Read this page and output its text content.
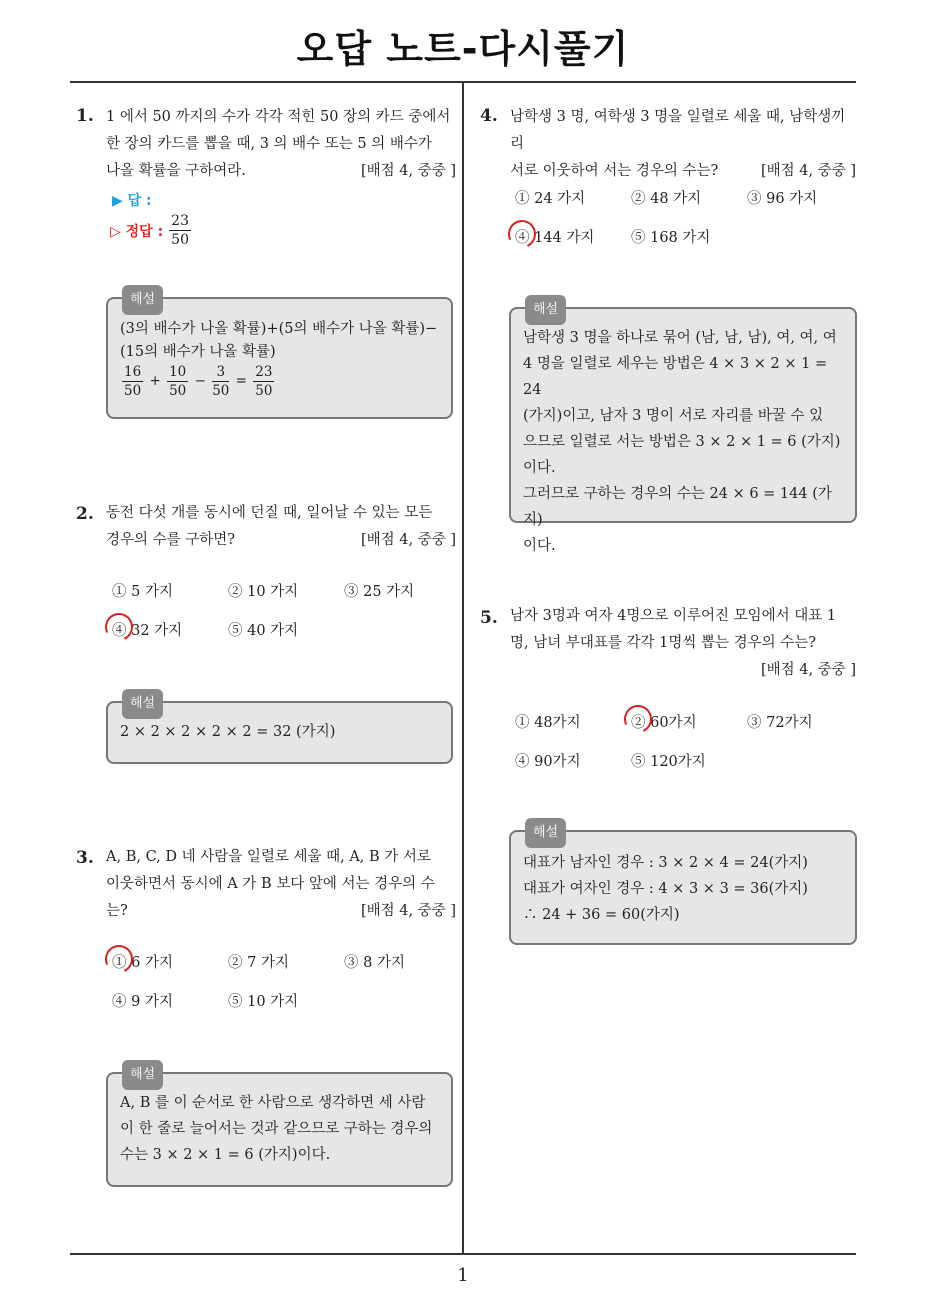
오답 노트-다시풀기
1
1. 1 에서 50 까지의 수가 각각 적힌 50 장의 카드 중에서
한 장의 카드를 뽑을 때, 3 의 배수 또는 5 의 배수가
나올 확률을 구하여라.	[배점 4, 중중 ]
▶ 답 :
▷ 정답 : $\frac{23}{50}$
해설
(3의 배수가 나올 확률)+(5의 배수가 나올 확률)−
(15의 배수가 나올 확률)
$\frac{16}{50} + \frac{10}{50} - \frac{3}{50} = \frac{23}{50}$
2. 동전 다섯 개를 동시에 던질 때, 일어날 수 있는 모든
경우의 수를 구하면?	[배점 4, 중중 ]
① 5 가지	② 10 가지	③ 25 가지
④ 32 가지	⑤ 40 가지
해설
2 × 2 × 2 × 2 × 2 = 32 (가지)
3. A, B, C, D 네 사람을 일렬로 세울 때, A, B 가 서로
이웃하면서 동시에 A 가 B 보다 앞에 서는 경우의 수
는?	[배점 4, 중중 ]
① 6 가지	② 7 가지	③ 8 가지
④ 9 가지	⑤ 10 가지
해설
A, B 를 이 순서로 한 사람으로 생각하면 세 사람
이 한 줄로 늘어서는 것과 같으므로 구하는 경우의
수는 3 × 2 × 1 = 6 (가지)이다.
4. 남학생 3 명, 여학생 3 명을 일렬로 세울 때, 남학생끼리
서로 이웃하여 서는 경우의 수는?	[배점 4, 중중 ]
① 24 가지	② 48 가지	③ 96 가지
④ 144 가지	⑤ 168 가지
해설
남학생 3 명을 하나로 묶어 (남, 남, 남), 여, 여, 여
4 명을 일렬로 세우는 방법은 4 × 3 × 2 × 1 = 24
(가지)이고, 남자 3 명이 서로 자리를 바꿀 수 있
으므로 일렬로 서는 방법은 3 × 2 × 1 = 6 (가지)
이다.
그러므로 구하는 경우의 수는 24 × 6 = 144 (가지)
이다.
5. 남자 3명과 여자 4명으로 이루어진 모임에서 대표 1
명, 남녀 부대표를 각각 1명씩 뽑는 경우의 수는?
[배점 4, 중중 ]
① 48가지	② 60가지	③ 72가지
④ 90가지	⑤ 120가지
해설
대표가 남자인 경우 : 3 × 2 × 4 = 24(가지)
대표가 여자인 경우 : 4 × 3 × 3 = 36(가지)
∴ 24 + 36 = 60(가지)
